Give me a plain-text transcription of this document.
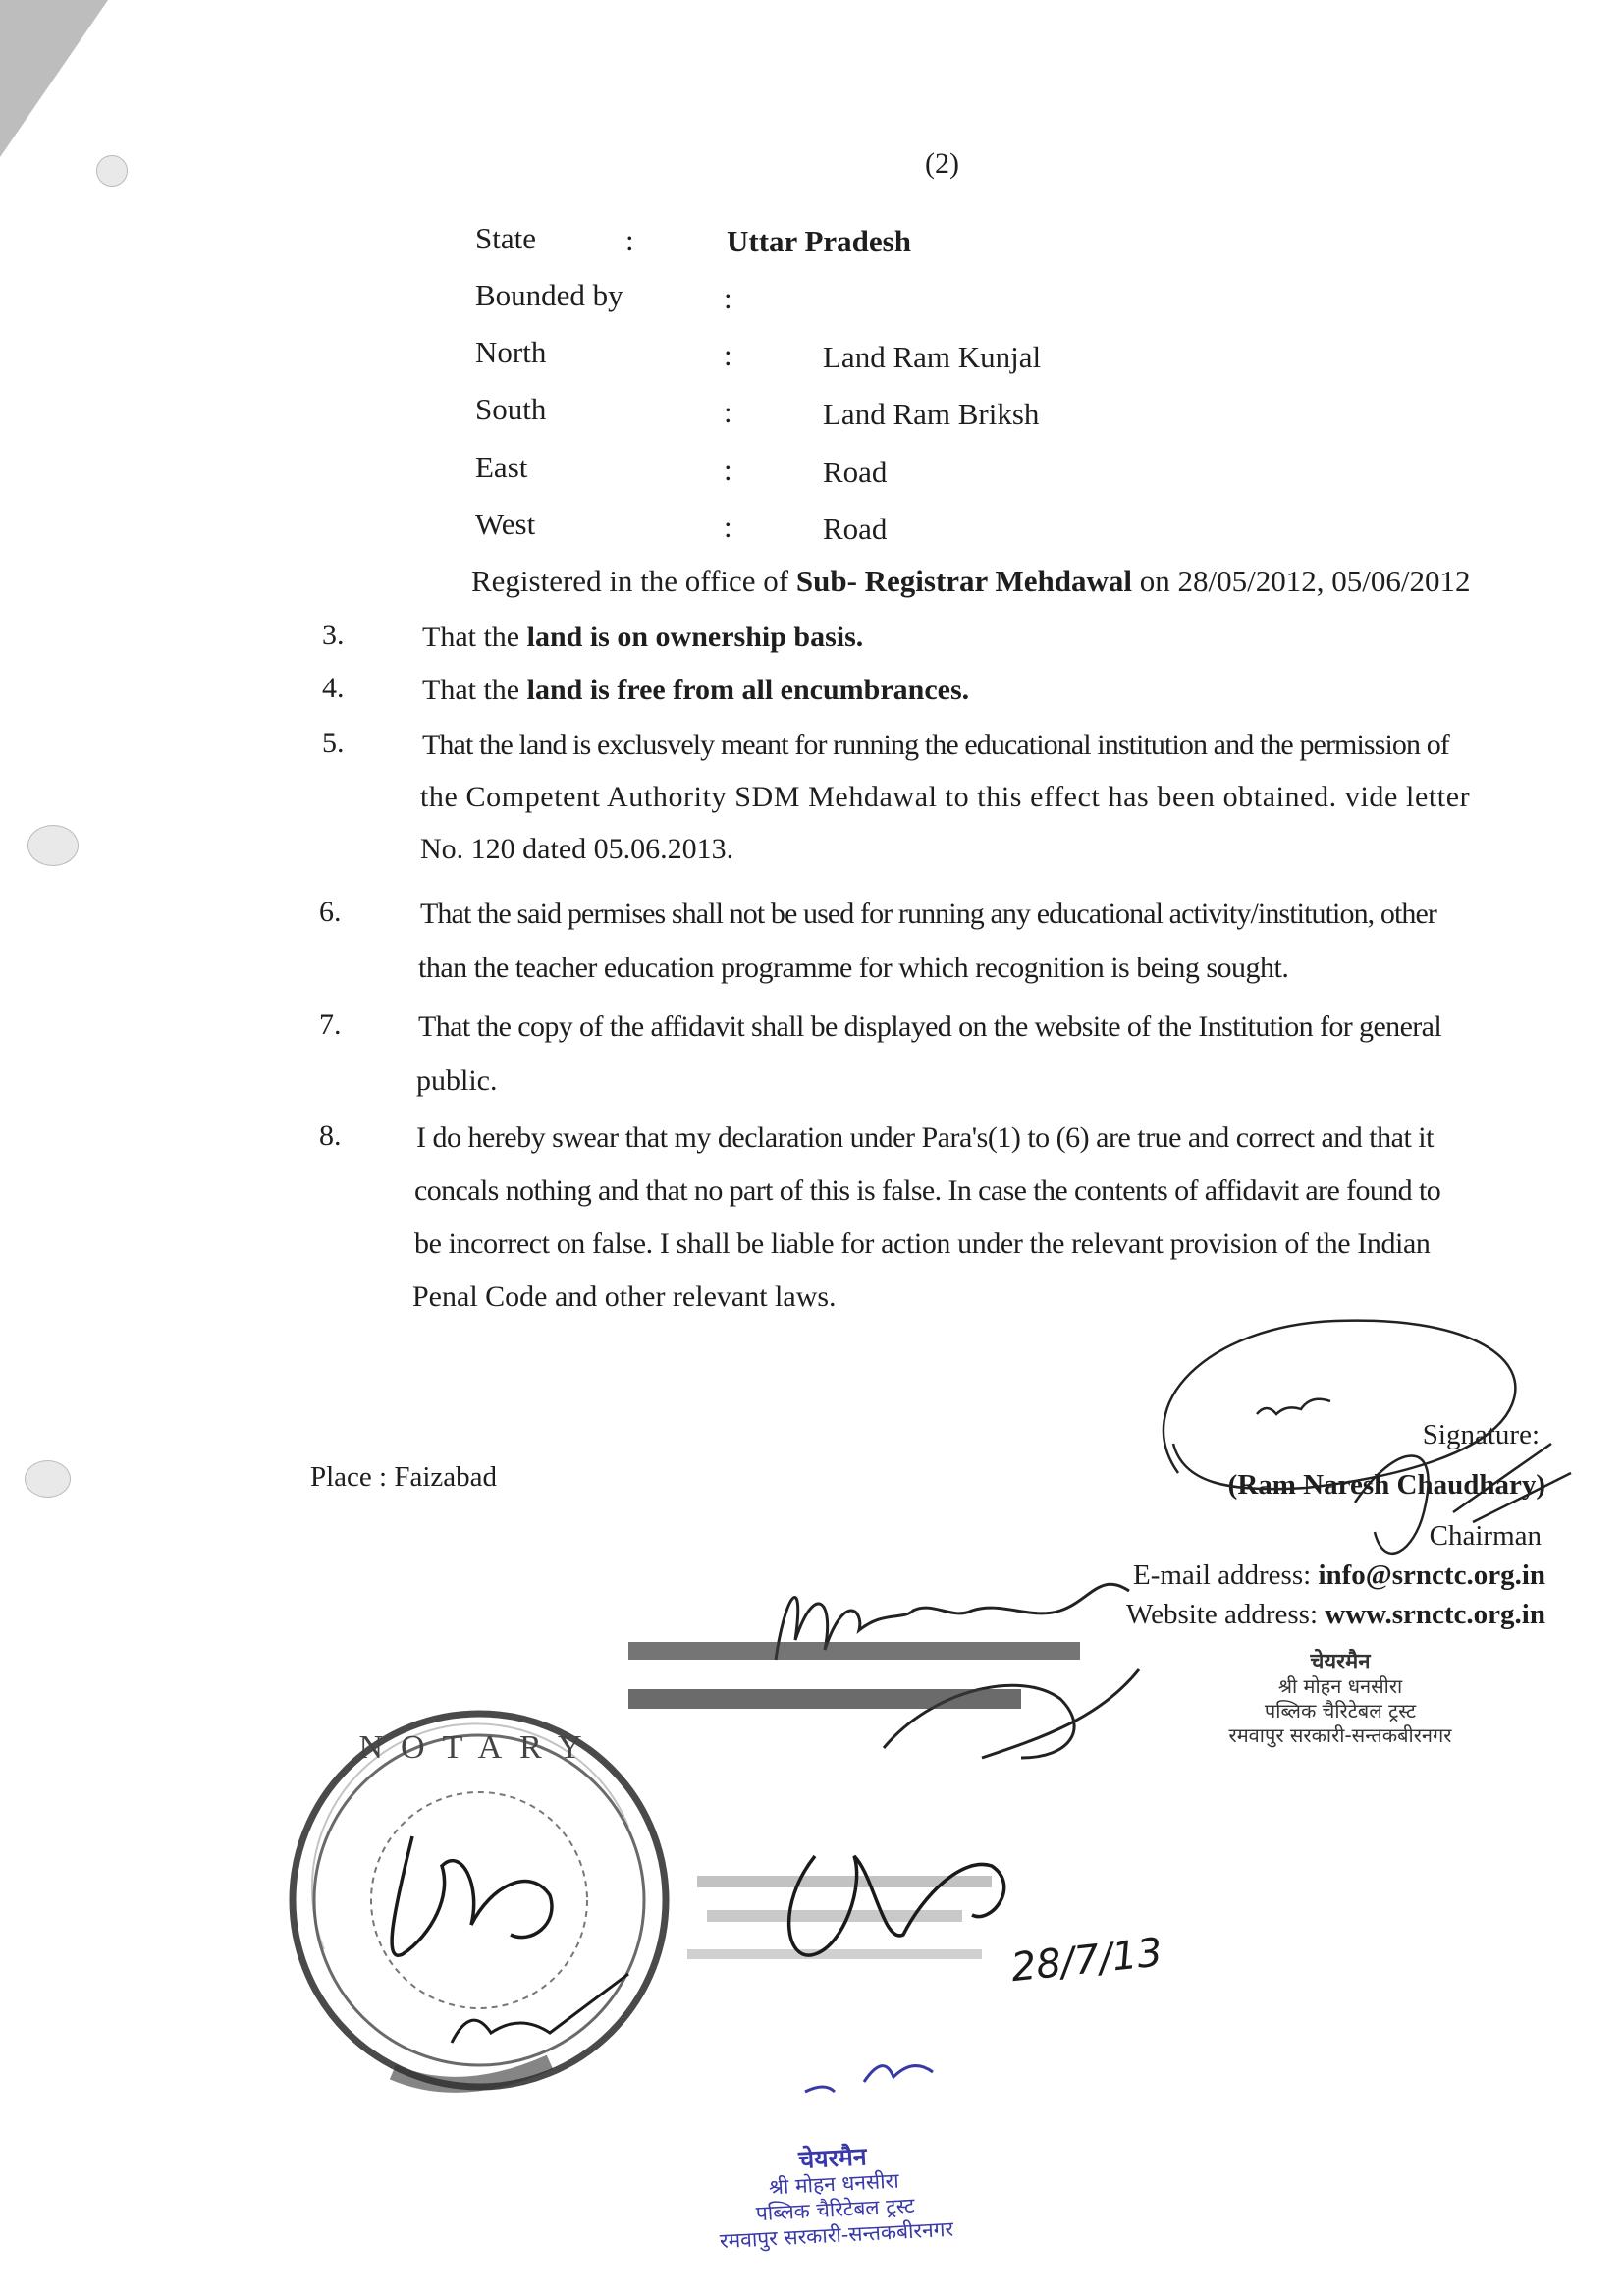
(2)
State	:	Uttar Pradesh
Bounded by	:
North	:	Land Ram Kunjal
South	:	Land Ram Briksh
East	:	Road
West	:	Road
Registered in the office of Sub- Registrar Mehdawal on 28/05/2012, 05/06/2012
3.	That the land is on ownership basis.
4.	That the land is free from all encumbrances.
5.	That the land is exclusvely meant for running the educational institution and the permission of
the Competent Authority SDM Mehdawal to this effect has been obtained. vide letter
No. 120 dated 05.06.2013.
6.	That the said permises shall not be used for running any educational activity/institution, other
than the teacher education programme for which recognition is being sought.
7.	That the copy of the affidavit shall be displayed on the website of the Institution for general
public.
8.	I do hereby swear that my declaration under Para's(1) to (6) are true and correct and that it
concals nothing and that no part of this is false. In case the contents of affidavit are found to
be incorrect on false. I shall be liable for action under the relevant provision of the Indian
Penal Code and other relevant laws.
Signature:
(Ram Naresh Chaudhary)
Chairman
E-mail address: info@srnctc.org.in
Website address: www.srnctc.org.in
Place : Faizabad
चेयरमैन
श्री मोहन धनसीरा
पब्लिक चैरिटेबल ट्रस्ट
रमवापुर सरकारी-सन्तकबीरनगर
चेयरमैन
श्री मोहन धनसीरा
पब्लिक चैरिटेबल ट्रस्ट
रमवापुर सरकारी-सन्तकबीरनगर
NOTARY
28/7/13
